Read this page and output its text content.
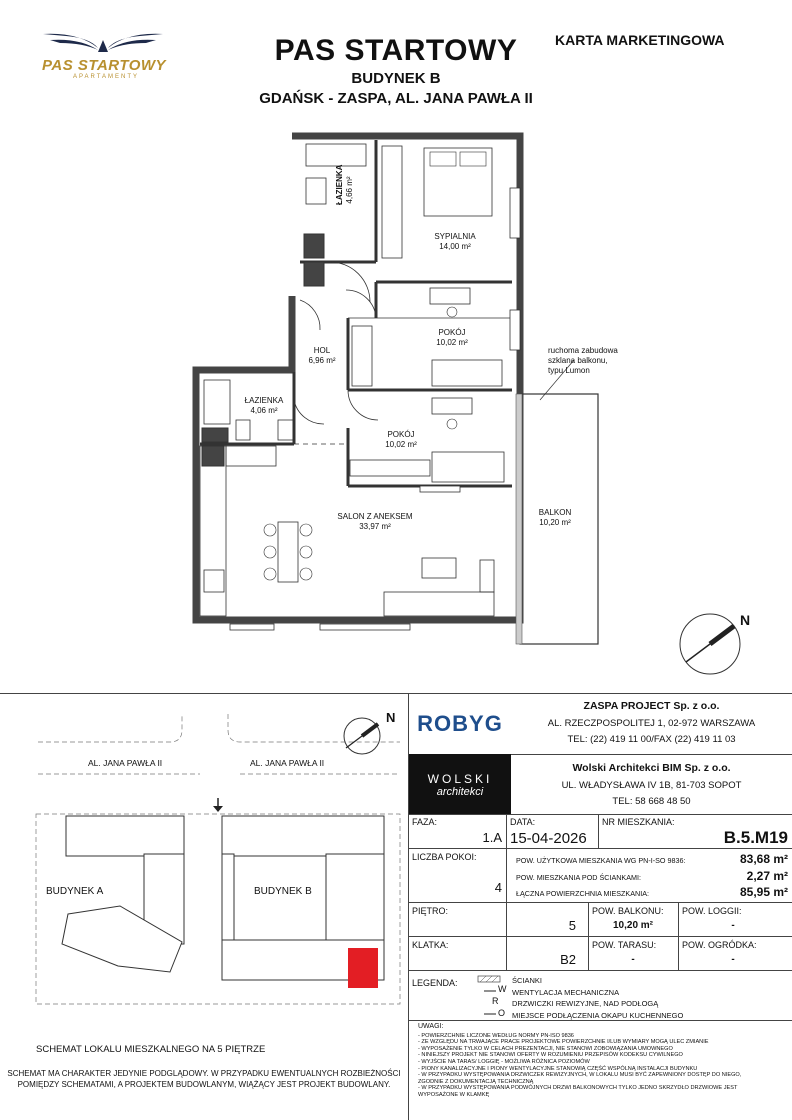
PAS STARTOWY
APARTAMENTY
PAS STARTOWY
BUDYNEK B
GDAŃSK - ZASPA, AL. JANA PAWŁA II
KARTA MARKETINGOWA
ŁAZIENKA 4,66 m²
SYPIALNIA
14,00 m²
POKÓJ
10,02 m²
HOL
6,96 m²
ŁAZIENKA
4,06 m²
POKÓJ
10,02 m²
SALON Z ANEKSEM
33,97 m²
BALKON
10,20 m²
ruchoma zabudowa
szklana balkonu,
typu Lumon
N
AL. JANA PAWŁA II	AL. JANA PAWŁA II
BUDYNEK A	BUDYNEK B
N
SCHEMAT LOKALU MIESZKALNEGO NA 5 PIĘTRZE
SCHEMAT MA CHARAKTER JEDYNIE PODGLĄDOWY. W PRZYPADKU EWENTUALNYCH ROZBIEŻNOŚCI
POMIĘDZY SCHEMATAMI, A PROJEKTEM BUDOWLANYM, WIĄŻĄCY JEST PROJEKT BUDOWLANY.
ROBYG
WOLSKI
architekci
ZASPA PROJECT Sp. z o.o.
AL. RZECZPOSPOLITEJ 1, 02-972 WARSZAWA
TEL: (22) 419 11 00/FAX (22) 419 11 03
Wolski Architekci BIM Sp. z o.o.
UL. WŁADYSŁAWA IV 1B, 81-703 SOPOT
TEL: 58 668 48 50
FAZA:
1.A
DATA:
15-04-2026
NR MIESZKANIA:
B.5.M19
LICZBA POKOI:
4
POW. UŻYTKOWA MIESZKANIA WG PN-I-SO 9836:	83,68 m²
POW. MIESZKANIA POD ŚCIANKAMI:	2,27 m²
ŁĄCZNA POWIERZCHNIA MIESZKANIA:	85,95 m²
PIĘTRO:
5
POW. BALKONU:
10,20 m²
POW. LOGGII:
-
KLATKA:
B2
POW. TARASU:
-
POW. OGRÓDKA:
-
LEGENDA:
W
R
O
ŚCIANKI
WENTYLACJA MECHANICZNA
DRZWICZKI REWIZYJNE, NAD PODŁOGĄ
MIEJSCE PODŁĄCZENIA OKAPU KUCHENNEGO
UWAGI:
- POWIERZCHNIE LICZONE WEDŁUG NORMY PN-ISO 9836
- ZE WZGLĘDU NA TRWAJĄCE PRACE PROJEKTOWE POWIERZCHNIE I/LUB WYMIARY MOGĄ ULEC ZMIANIE
- WYPOSAŻENIE TYLKO W CELACH PREZENTACJI, NIE STANOWI ZOBOWIĄZANIA UMOWNEGO
- NINIEJSZY PROJEKT NIE STANOWI OFERTY W ROZUMIENIU PRZEPISÓW KODEKSU CYWILNEGO
- WYJŚCIE NA TARAS/ LOGGIĘ - MOŻLIWA RÓŻNICA POZIOMÓW
- PIONY KANALIZACYJNE I PIONY WENTYLACYJNE STANOWIĄ CZĘŚĆ WSPÓLNĄ INSTALACJI BUDYNKU
- W PRZYPADKU WYSTĘPOWANIA DRZWICZEK REWIZYJNYCH, W LOKALU MUSI BYĆ ZAPEWNIONY DOSTĘP DO NIEGO,
ZGODNIE Z DOKUMENTACJĄ TECHNICZNĄ
- W PRZYPADKU WYSTĘPOWANIA PODWÓJNYCH DRZWI BALKONOWYCH TYLKO JEDNO SKRZYDŁO DRZWIOWE JEST
WYPOSAŻONE W KLAMKĘ
